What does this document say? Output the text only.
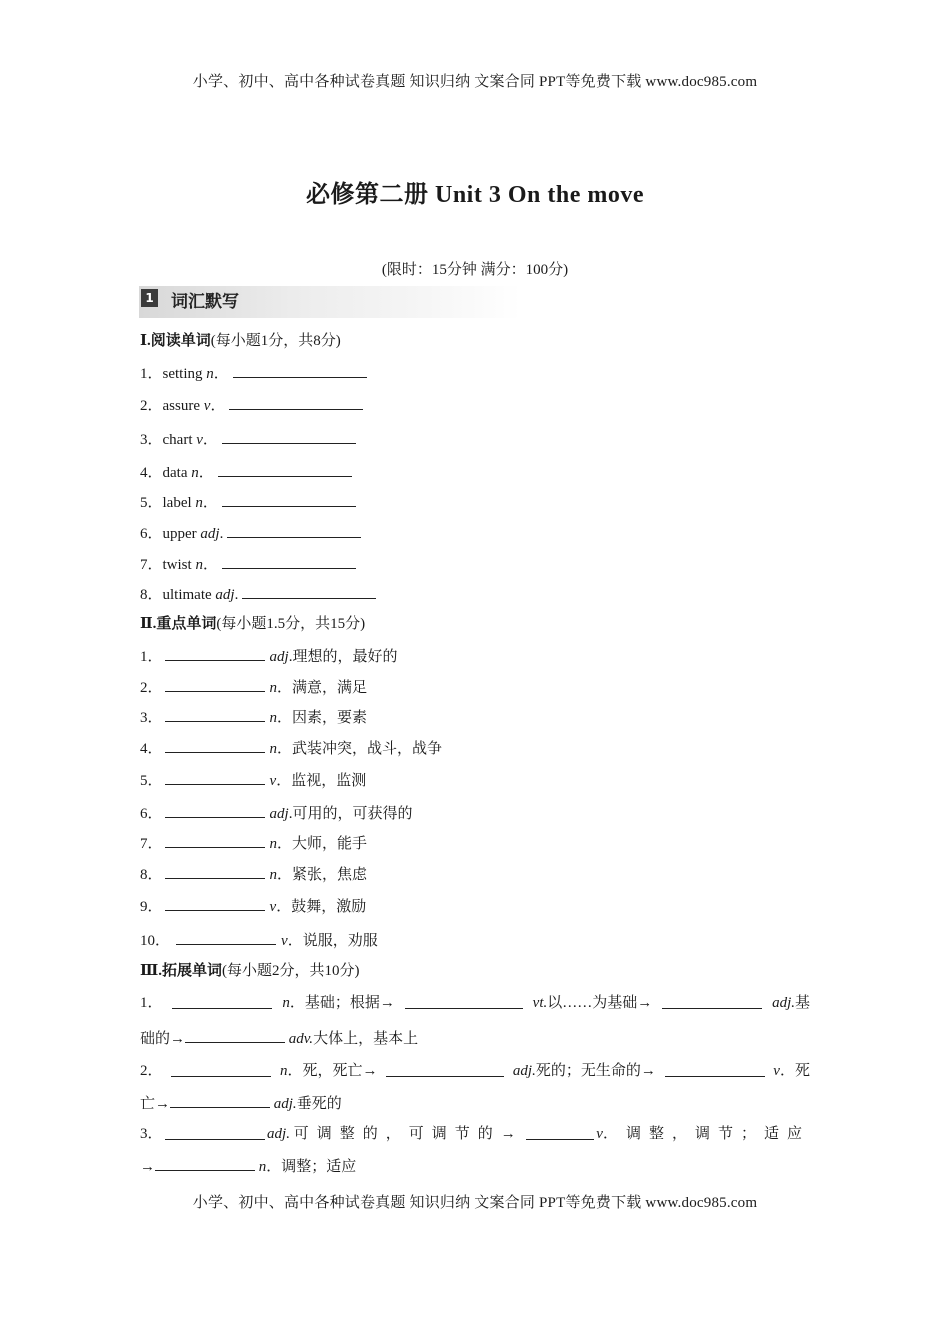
小学、初中、高中各种试卷真题 知识归纳 文案合同 PPT等免费下载 www.doc985.com
必修第二册 Unit 3 On the move
(限时：15分钟 满分：100分)
1 词汇默写
Ⅰ.阅读单词(每小题1分，共8分)
1．setting n．
2．assure v．
3．chart v．
4．data n．
5．label n．
6．upper adj.
7．twist n．
8．ultimate adj.
Ⅱ.重点单词(每小题1.5分，共15分)
1．	adj.理想的，最好的
2．	n．满意，满足
3．	n．因素，要素
4．	n．武装冲突，战斗，战争
5．	v．监视，监测
6．	adj.可用的，可获得的
7．	n．大师，能手
8．	n．紧张，焦虑
9．	v．鼓舞，激励
10．	v．说服，劝服
Ⅲ.拓展单词(每小题2分，共10分)
1．	n．基础；根据→	vt.以……为基础→	adj.基
础的→	adv.大体上，基本上
2．	n．死，死亡→	adj.死的；无生命的→	v．死
亡→	adj.垂死的
3．	adj. 可调整的，可调节的→	v．调整，调节；适应
→	n．调整；适应
小学、初中、高中各种试卷真题 知识归纳 文案合同 PPT等免费下载 www.doc985.com
